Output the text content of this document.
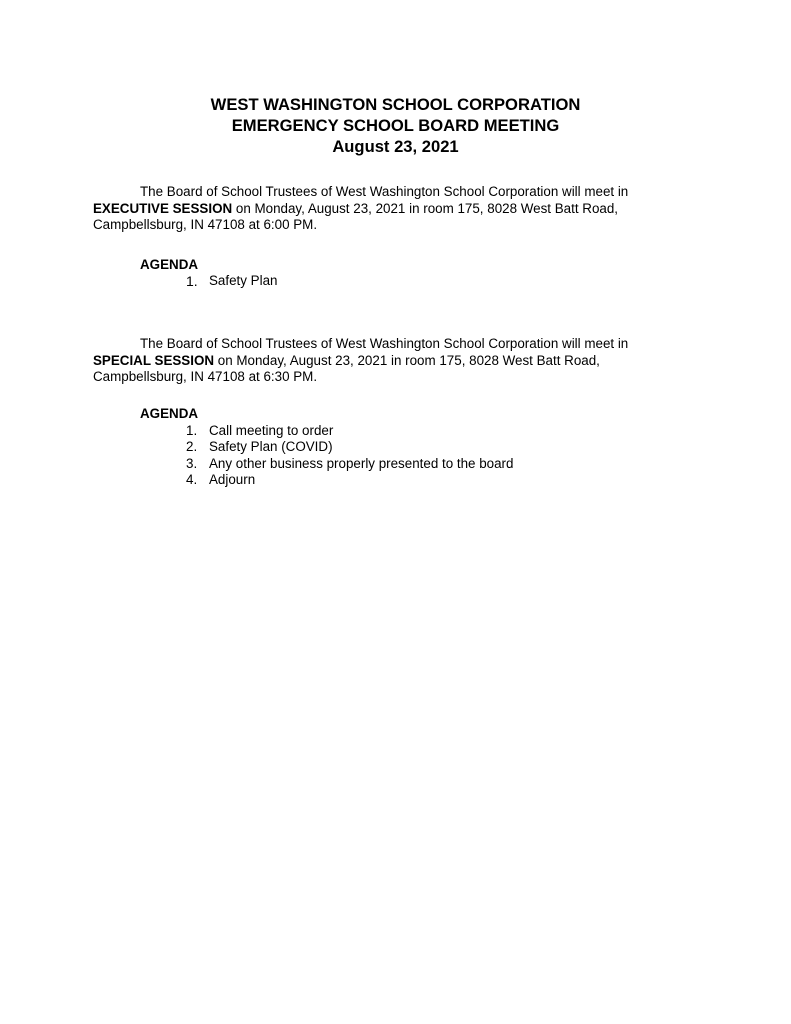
WEST WASHINGTON SCHOOL CORPORATION
EMERGENCY SCHOOL BOARD MEETING
August 23, 2021
The Board of School Trustees of West Washington School Corporation will meet in
EXECUTIVE SESSION on Monday, August 23, 2021 in room 175, 8028 West Batt Road,
Campbellsburg, IN 47108 at 6:00 PM.
AGENDA
1. Safety Plan
The Board of School Trustees of West Washington School Corporation will meet in
SPECIAL SESSION on Monday, August 23, 2021 in room 175, 8028 West Batt Road,
Campbellsburg, IN 47108 at 6:30 PM.
AGENDA
1. Call meeting to order
2. Safety Plan (COVID)
3. Any other business properly presented to the board
4. Adjourn
